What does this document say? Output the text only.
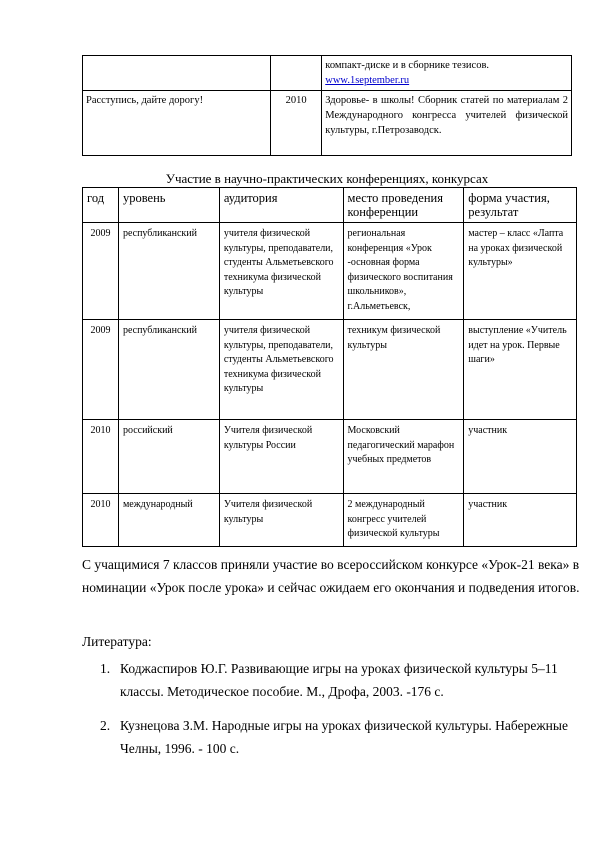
		компакт-диске и в сборнике тезисов.
www.1september.ru
Расступись, дайте дорогу!	2010	Здоровье- в школы! Сборник статей по материалам 2 Международного конгресса учителей физической культуры, г.Петрозаводск.
Участие в научно-практических конференциях, конкурсах
год	уровень	аудитория	место проведения конференции	форма участия, результат
2009	республиканский	учителя физической культуры, преподаватели, студенты Альметьевского техникума физической культуры	региональная конференция «Урок -основная форма физического воспитания школьников», г.Альметьевск,	мастер – класс «Лапта на уроках физической культуры»
2009	республиканский	учителя физической культуры, преподаватели, студенты Альметьевского техникума физической культуры	техникум физической культуры	выступление «Учитель идет на урок. Первые шаги»
2010	российский	Учителя физической культуры России	Московский педагогический марафон учебных предметов	участник
2010	международный	Учителя физической культуры	2 международный конгресс учителей физической культуры	участник
С учащимися 7 классов приняли участие во всероссийском конкурсе «Урок-21 века» в номинации «Урок после урока» и сейчас ожидаем его окончания и подведения итогов.
Литература:
1. Коджаспиров Ю.Г. Развивающие игры на уроках физической культуры 5–11 классы. Методическое пособие. М., Дрофа, 2003. -176 с.
2. Кузнецова З.М. Народные игры на уроках физической культуры. Набережные Челны, 1996. - 100 с.
